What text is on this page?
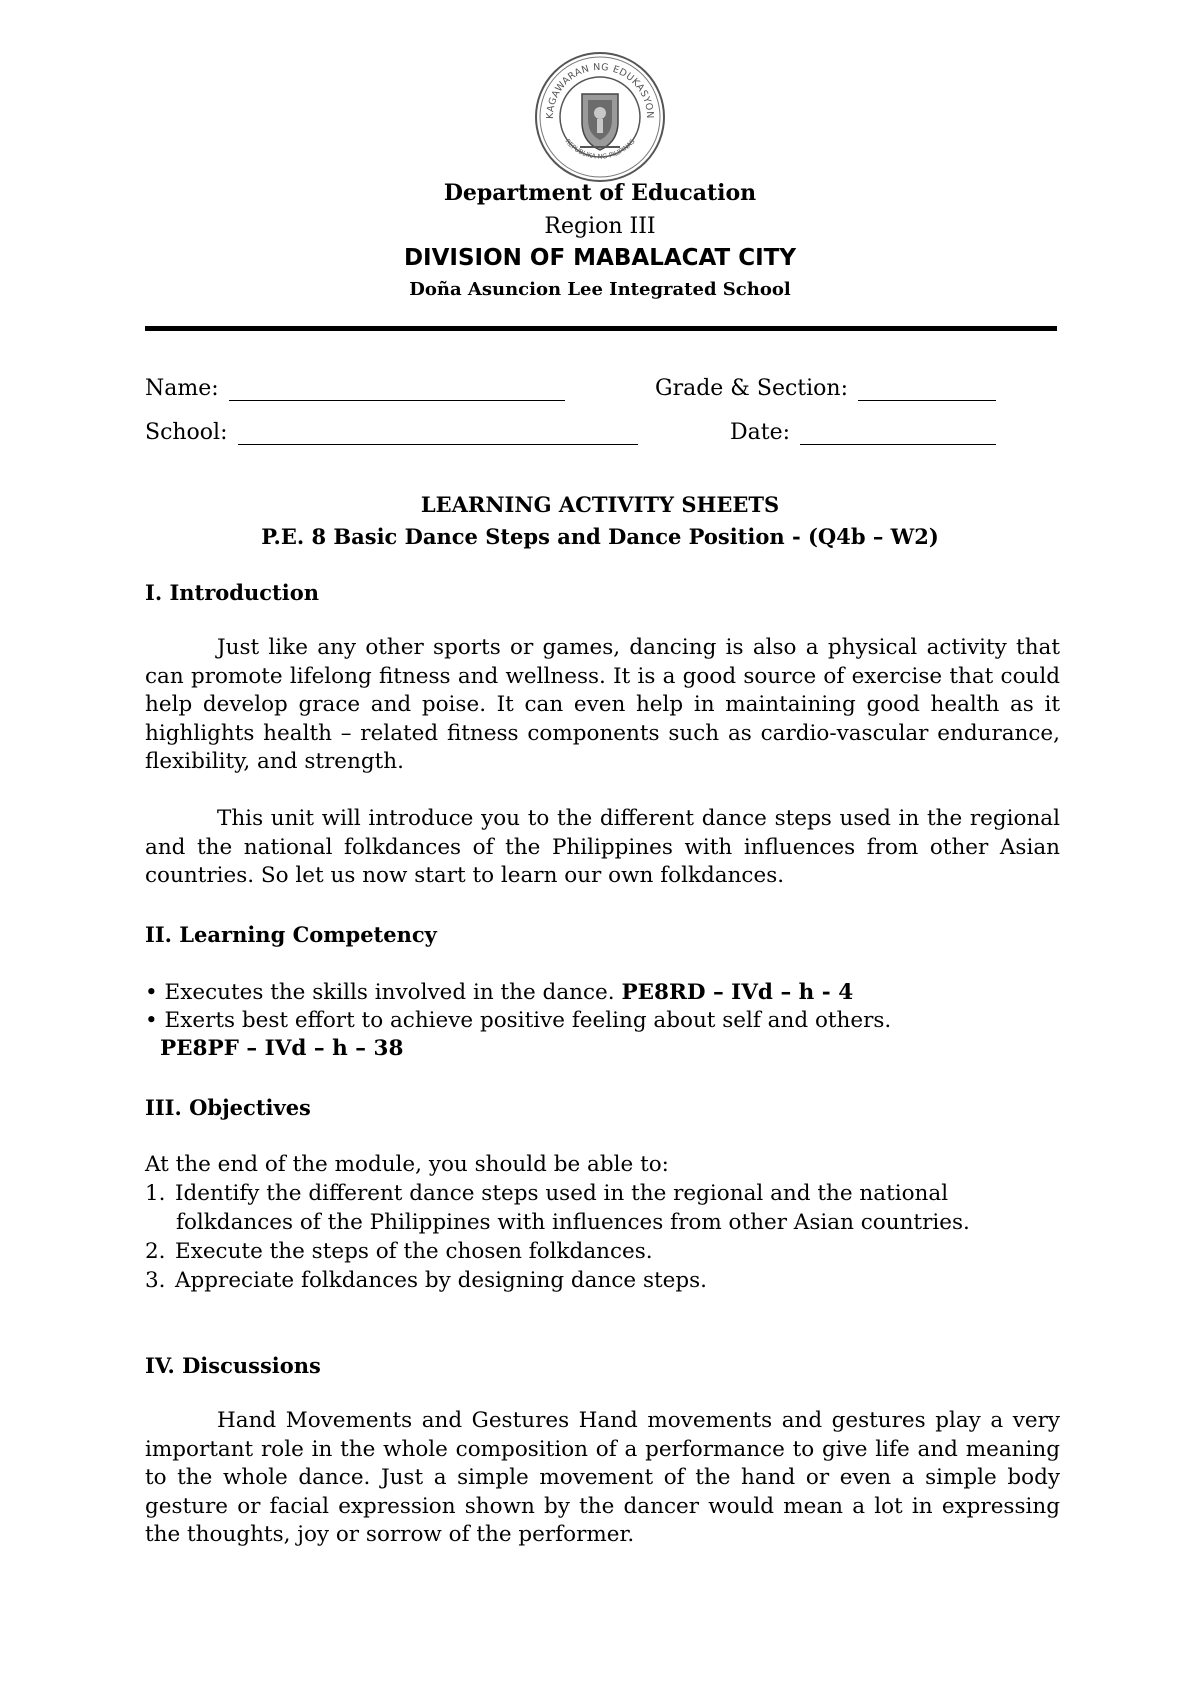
KAGAWARAN NG EDUKASYON
REPUBLIKA NG PILIPINAS
Department of Education
Region III
DIVISION OF MABALACAT CITY
Doña Asuncion Lee Integrated School
Name:	Grade & Section:
School:	Date:
LEARNING ACTIVITY SHEETS
P.E. 8 Basic Dance Steps and Dance Position - (Q4b – W2)
I. Introduction

Just like any other sports or games, dancing is also a physical activity that can promote lifelong fitness and wellness. It is a good source of exercise that could help develop grace and poise. It can even help in maintaining good health as it highlights health – related fitness components such as cardio-vascular endurance, flexibility, and strength.

This unit will introduce you to the different dance steps used in the regional and the national folkdances of the Philippines with influences from other Asian countries. So let us now start to learn our own folkdances.

II. Learning Competency
• Executes the skills involved in the dance. PE8RD – IVd – h - 4
• Exerts best effort to achieve positive feeling about self and others.
PE8PF – IVd – h – 38
III. Objectives
At the end of the module, you should be able to:
1. Identify the different dance steps used in the regional and the national
folkdances of the Philippines with influences from other Asian countries.
2. Execute the steps of the chosen folkdances.
3. Appreciate folkdances by designing dance steps.
IV. Discussions

Hand Movements and Gestures Hand movements and gestures play a very important role in the whole composition of a performance to give life and meaning to the whole dance. Just a simple movement of the hand or even a simple body gesture or facial expression shown by the dancer would mean a lot in expressing the thoughts, joy or sorrow of the performer.
